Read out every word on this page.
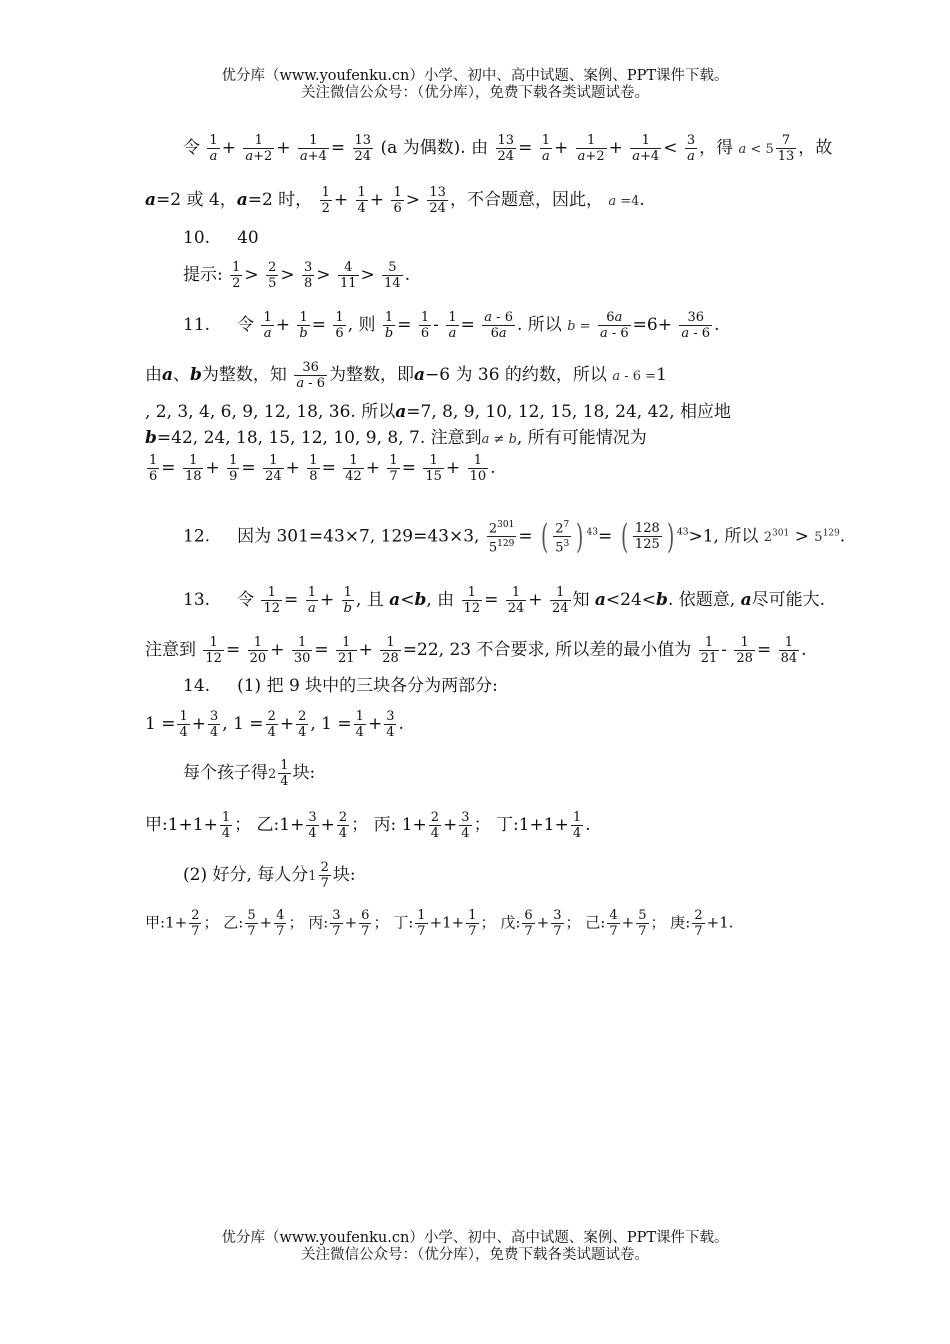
优分库（www.youfenku.cn）小学、初中、高中试题、案例、PPT课件下载。
关注微信公众号：（优分库），免费下载各类试题试卷。
令 $\frac{1}{a} + \frac{1}{a+2} + \frac{1}{a+4} = \frac{13}{24} (a$ 为偶数). 由 $\frac{13}{24} = \frac{1}{a} + \frac{1}{a+2} + \frac{1}{a+4} < \frac{3}{a}$ ，得 $a < 5 \frac{7}{13}$ ，故
a=2 或 4，a=2 时， $\frac{1}{2} + \frac{1}{4} + \frac{1}{6} > \frac{13}{24}$ ，不合题意，因此， a =4.
10. 40
提示: $\frac{1}{2} > \frac{2}{5} > \frac{3}{8} > \frac{4}{11} > \frac{5}{14}$ .
11. 令 $\frac{1}{a} + \frac{1}{b} = \frac{1}{6}$ , 则 $\frac{1}{b} = \frac{1}{6} - \frac{1}{a} = \frac{a - 6}{6a}$ . 所以 $b = \frac{6a}{a - 6} =6+ \frac{36}{a - 6}$ .
由a、b为整数，知 $\frac{36}{a - 6}$ 为整数，即a−6 为 36 的约数，所以 a - 6 =1
, 2, 3, 4, 6, 9, 12, 18, 36. 所以a=7, 8, 9, 10, 12, 15, 18, 24, 42, 相应地
b=42, 24, 18, 15, 12, 10, 9, 8, 7. 注意到a ≠ b, 所有可能情况为
$\frac{1}{6} = \frac{1}{18} + \frac{1}{9} = \frac{1}{24} + \frac{1}{8} = \frac{1}{42} + \frac{1}{7} = \frac{1}{15} + \frac{1}{10}$ .
12. 因为 301=43×7, 129=43×3, $\frac{2^{301}}{5^{129}}$ = ( $\frac{2^7}{5^3}$ ) $^{43}$= ( $\frac{128}{125}$ ) $^{43}$>1, 所以 $2^{301} > 5^{129}$.
13. 令 $\frac{1}{12} = \frac{1}{a} + \frac{1}{b}$ , 且 a<b, 由 $\frac{1}{12} = \frac{1}{24} + \frac{1}{24}$ 知 a<24<b. 依题意, a尽可能大.
注意到 $\frac{1}{12} = \frac{1}{20} + \frac{1}{30} = \frac{1}{21} + \frac{1}{28} =22$, 23 不合要求, 所以差的最小值为 $\frac{1}{21} - \frac{1}{28} = \frac{1}{84}$ .
14. (1) 把 9 块中的三块各分为两部分:
$1 = \frac{1}{4} + \frac{3}{4}$ , $1 = \frac{2}{4} + \frac{2}{4}$ , $1 = \frac{1}{4} + \frac{3}{4}$ .
每个孩子得$2 \frac{1}{4}$ 块:
甲:1+1+ $\frac{1}{4}$ ； 乙:1+ $\frac{3}{4} + \frac{2}{4}$ ； 丙: $1+ \frac{2}{4} + \frac{3}{4}$ ； 丁:1+1+ $\frac{1}{4}$ .
(2) 好分, 每人分$1 \frac{2}{7}$ 块:
甲:1+ $\frac{2}{7}$ ； 乙: $\frac{5}{7} + \frac{4}{7}$ ； 丙: $\frac{3}{7} + \frac{6}{7}$ ； 丁: $\frac{1}{7} +1+ \frac{1}{7}$ ； 戊: $\frac{6}{7} + \frac{3}{7}$ ； 己: $\frac{4}{7} + \frac{5}{7}$ ； 庚: $\frac{2}{7} +1$.
优分库（www.youfenku.cn）小学、初中、高中试题、案例、PPT课件下载。
关注微信公众号：（优分库），免费下载各类试题试卷。
